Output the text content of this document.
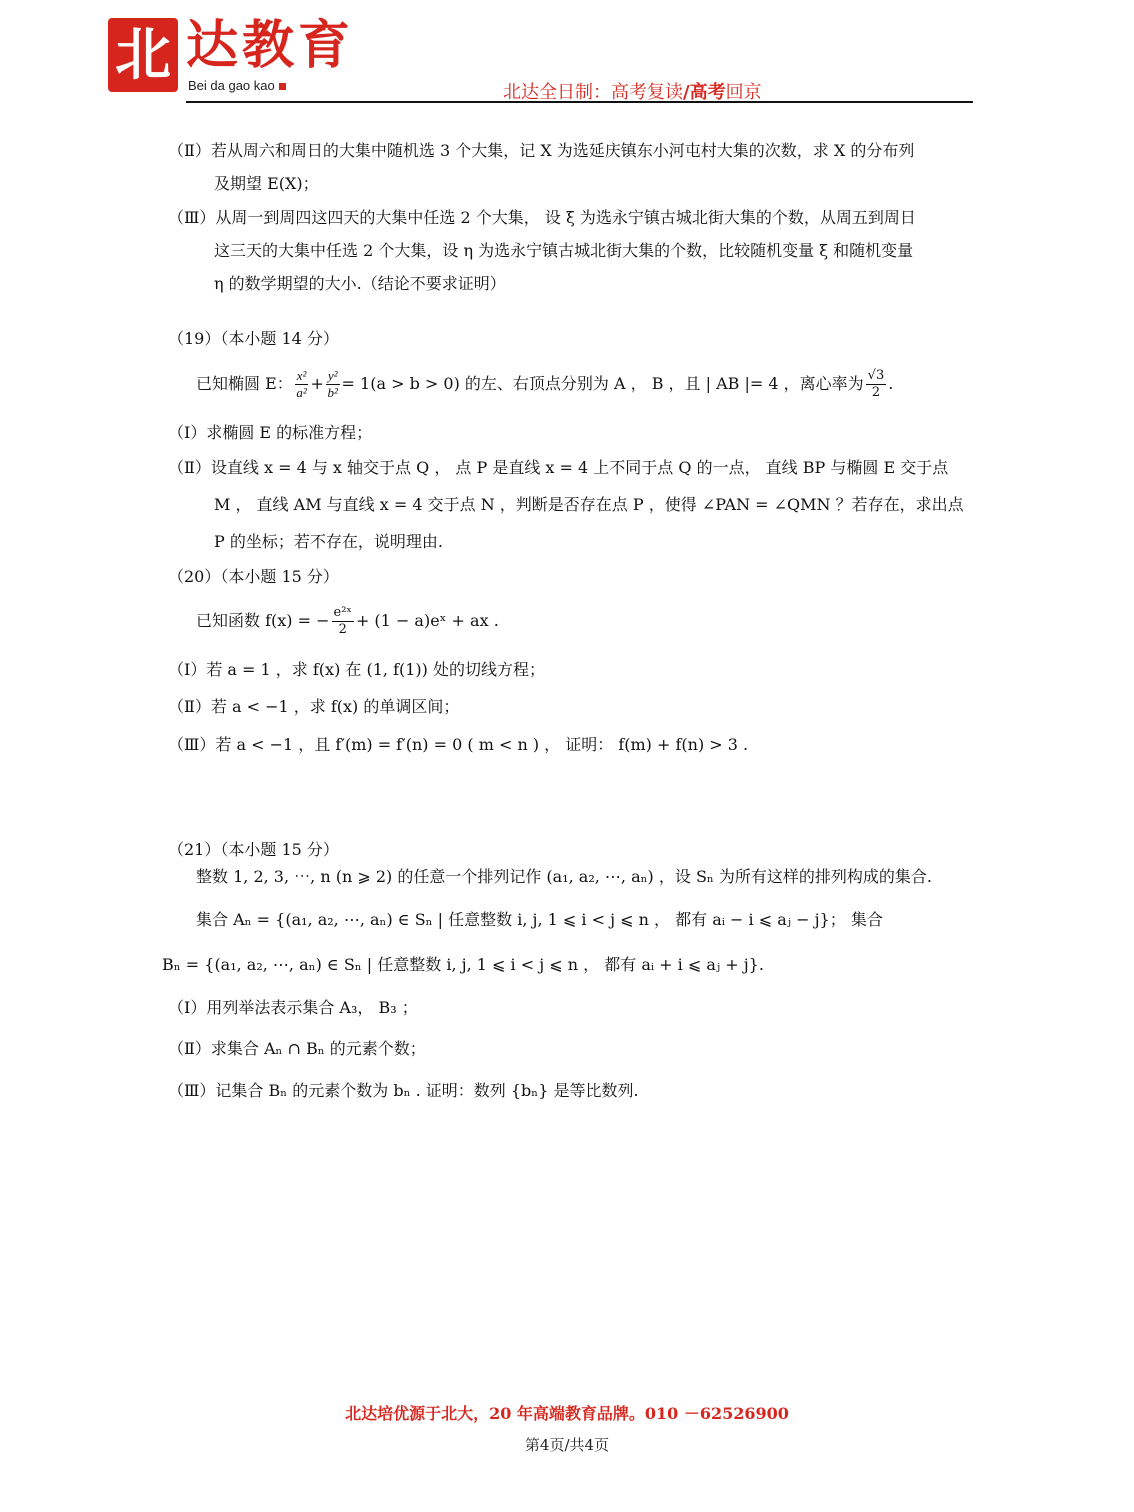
北 达教育
Bei da gao kao	北达全日制：高考复读/高考回京
（Ⅱ）若从周六和周日的大集中随机选 3 个大集，记 X 为选延庆镇东小河屯村大集的次数，求 X 的分布列
及期望 E(X)；
（Ⅲ）从周一到周四这四天的大集中任选 2 个大集， 设 ξ 为选永宁镇古城北街大集的个数，从周五到周日
这三天的大集中任选 2 个大集，设 η 为选永宁镇古城北街大集的个数，比较随机变量 ξ 和随机变量
η 的数学期望的大小.（结论不要求证明）
（19）（本小题 14 分）
已知椭圆 E： $\frac{\text{x²}}{\text{a²}} + \frac{\text{y²}}{\text{b²}} = 1(a > b > 0)$ 的左、右顶点分别为 A ， B ，且 | AB |= 4 ，离心率为 $\frac{√3}{2}$ .
（Ⅰ）求椭圆 E 的标准方程；
（Ⅱ）设直线 x = 4 与 x 轴交于点 Q ， 点 P 是直线 x = 4 上不同于点 Q 的一点， 直线 BP 与椭圆 E 交于点
M ， 直线 AM 与直线 x = 4 交于点 N ，判断是否存在点 P ，使得 ∠PAN = ∠QMN ？若存在，求出点
P 的坐标；若不存在，说明理由.
（20）（本小题 15 分）
已知函数 f(x) = − $\frac{\text{e²ˣ}}{2} + (1$ − a)eˣ + ax .
（Ⅰ）若 a = 1 ，求 f(x) 在 (1, f(1)) 处的切线方程；
（Ⅱ）若 a < −1 ，求 f(x) 的单调区间；
（Ⅲ）若 a < −1 ，且 f′(m) = f′(n) = 0 ( m < n ) ， 证明： f(m) + f(n) > 3 .
（21）（本小题 15 分）
整数 1, 2, 3, ⋯, n (n ⩾ 2) 的任意一个排列记作 (a₁, a₂, ⋯, aₙ) ，设 Sₙ 为所有这样的排列构成的集合.
集合 Aₙ = {(a₁, a₂, ⋯, aₙ) ∈ Sₙ | 任意整数 i, j, 1 ⩽ i < j ⩽ n ， 都有 aᵢ − i ⩽ aⱼ − j}； 集合
Bₙ = {(a₁, a₂, ⋯, aₙ) ∈ Sₙ | 任意整数 i, j, 1 ⩽ i < j ⩽ n ， 都有 aᵢ + i ⩽ aⱼ + j}.
（Ⅰ）用列举法表示集合 A₃， B₃ ；
（Ⅱ）求集合 Aₙ ∩ Bₙ 的元素个数；
（Ⅲ）记集合 Bₙ 的元素个数为 bₙ . 证明：数列 {bₙ} 是等比数列.
北达培优源于北大，20 年高端教育品牌。010 －62526900
第4页/共4页
